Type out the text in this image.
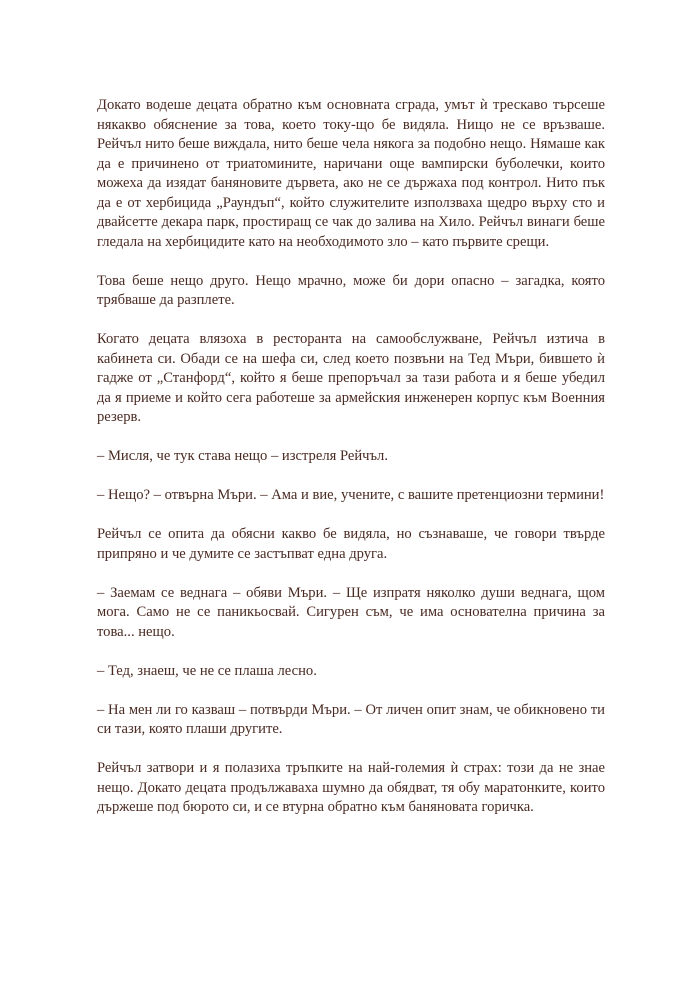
Докато водеше децата обратно към основната сграда, умът ѝ трескаво търсеше някакво обяснение за това, което току-що бе видяла. Нищо не се връзваше. Рейчъл нито беше виждала, нито беше чела някога за подобно нещо. Нямаше как да е причинено от триатомините, наричани още вампирски буболечки, които можеха да изядат баняновите дървета, ако не се държаха под контрол. Нито пък да е от хербицида „Раундъп“, който служителите използваха щедро върху сто и двайсетте декара парк, простиращ се чак до залива на Хило. Рейчъл винаги беше гледала на хербицидите като на необходимото зло – като първите срещи.

Това беше нещо друго. Нещо мрачно, може би дори опасно – загадка, която трябваше да разплете.

Когато децата влязоха в ресторанта на самообслужване, Рейчъл изтича в кабинета си. Обади се на шефа си, след което позвъни на Тед Мъри, бившето ѝ гадже от „Станфорд“, който я беше препоръчал за тази работа и я беше убедил да я приеме и който сега работеше за армейския инженерен корпус към Военния резерв.

– Мисля, че тук става нещо – изстреля Рейчъл.

– Нещо? – отвърна Мъри. – Ама и вие, учените, с вашите претенциозни термини!

Рейчъл се опита да обясни какво бе видяла, но съзнаваше, че говори твърде припряно и че думите се застъпват една друга.

– Заемам се веднага – обяви Мъри. – Ще изпратя няколко души веднага, щом мога. Само не се паникьосвай. Сигурен съм, че има основателна причина за това... нещо.

– Тед, знаеш, че не се плаша лесно.

– На мен ли го казваш – потвърди Мъри. – От личен опит знам, че обикновено ти си тази, която плаши другите.

Рейчъл затвори и я полазиха тръпките на най-големия ѝ страх: този да не знае нещо. Докато децата продължаваха шумно да обядват, тя обу маратонките, които държеше под бюрото си, и се втурна обратно към баняновата горичка.
